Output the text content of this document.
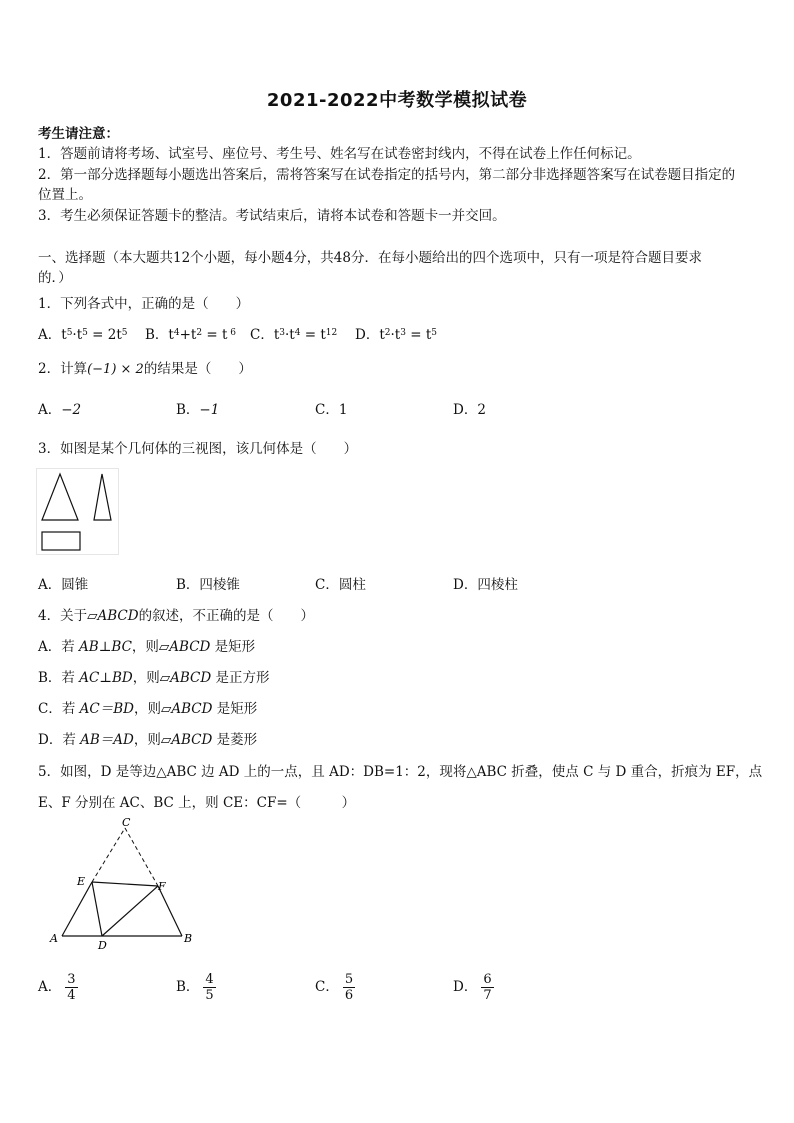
2021-2022中考数学模拟试卷
考生请注意：
1．答题前请将考场、试室号、座位号、考生号、姓名写在试卷密封线内，不得在试卷上作任何标记。
2．第一部分选择题每小题选出答案后，需将答案写在试卷指定的括号内，第二部分非选择题答案写在试卷题目指定的
位置上。
3．考生必须保证答题卡的整洁。考试结束后，请将本试卷和答题卡一并交回。
一、选择题（本大题共12个小题，每小题4分，共48分．在每小题给出的四个选项中，只有一项是符合题目要求
的．）
1．下列各式中，正确的是（　　）
A．$t^5\cdot t^5 = 2t^5$ B．$t^4+t^2 = t$ $^6$ C．$t^3\cdot t^4 = t^{12}$ D．$t^2\cdot t^3 = t^5$
2．计算(−1) × 2的结果是（　　）
A．−2	B．−1	C．1	D．2
3．如图是某个几何体的三视图，该几何体是（　　）
A．圆锥	B．四棱锥	C．圆柱	D．四棱柱
4．关于▱ABCD的叙述，不正确的是（　　）
A．若 AB⊥BC，则▱ABCD 是矩形
B．若 AC⊥BD，则▱ABCD 是正方形
C．若 AC＝BD，则▱ABCD 是矩形
D．若 AB＝AD，则▱ABCD 是菱形
5．如图，D 是等边△ABC 边 AD 上的一点，且 AD：DB=1：2，现将△ABC 折叠，使点 C 与 D 重合，折痕为 EF，点
E、F 分别在 AC、BC 上，则 CE：CF=（　　　）
C
E	F
A
D
B
A． $\frac{3}{4}$	B． $\frac{4}{5}$	C． $\frac{5}{6}$	D． $\frac{6}{7}$
